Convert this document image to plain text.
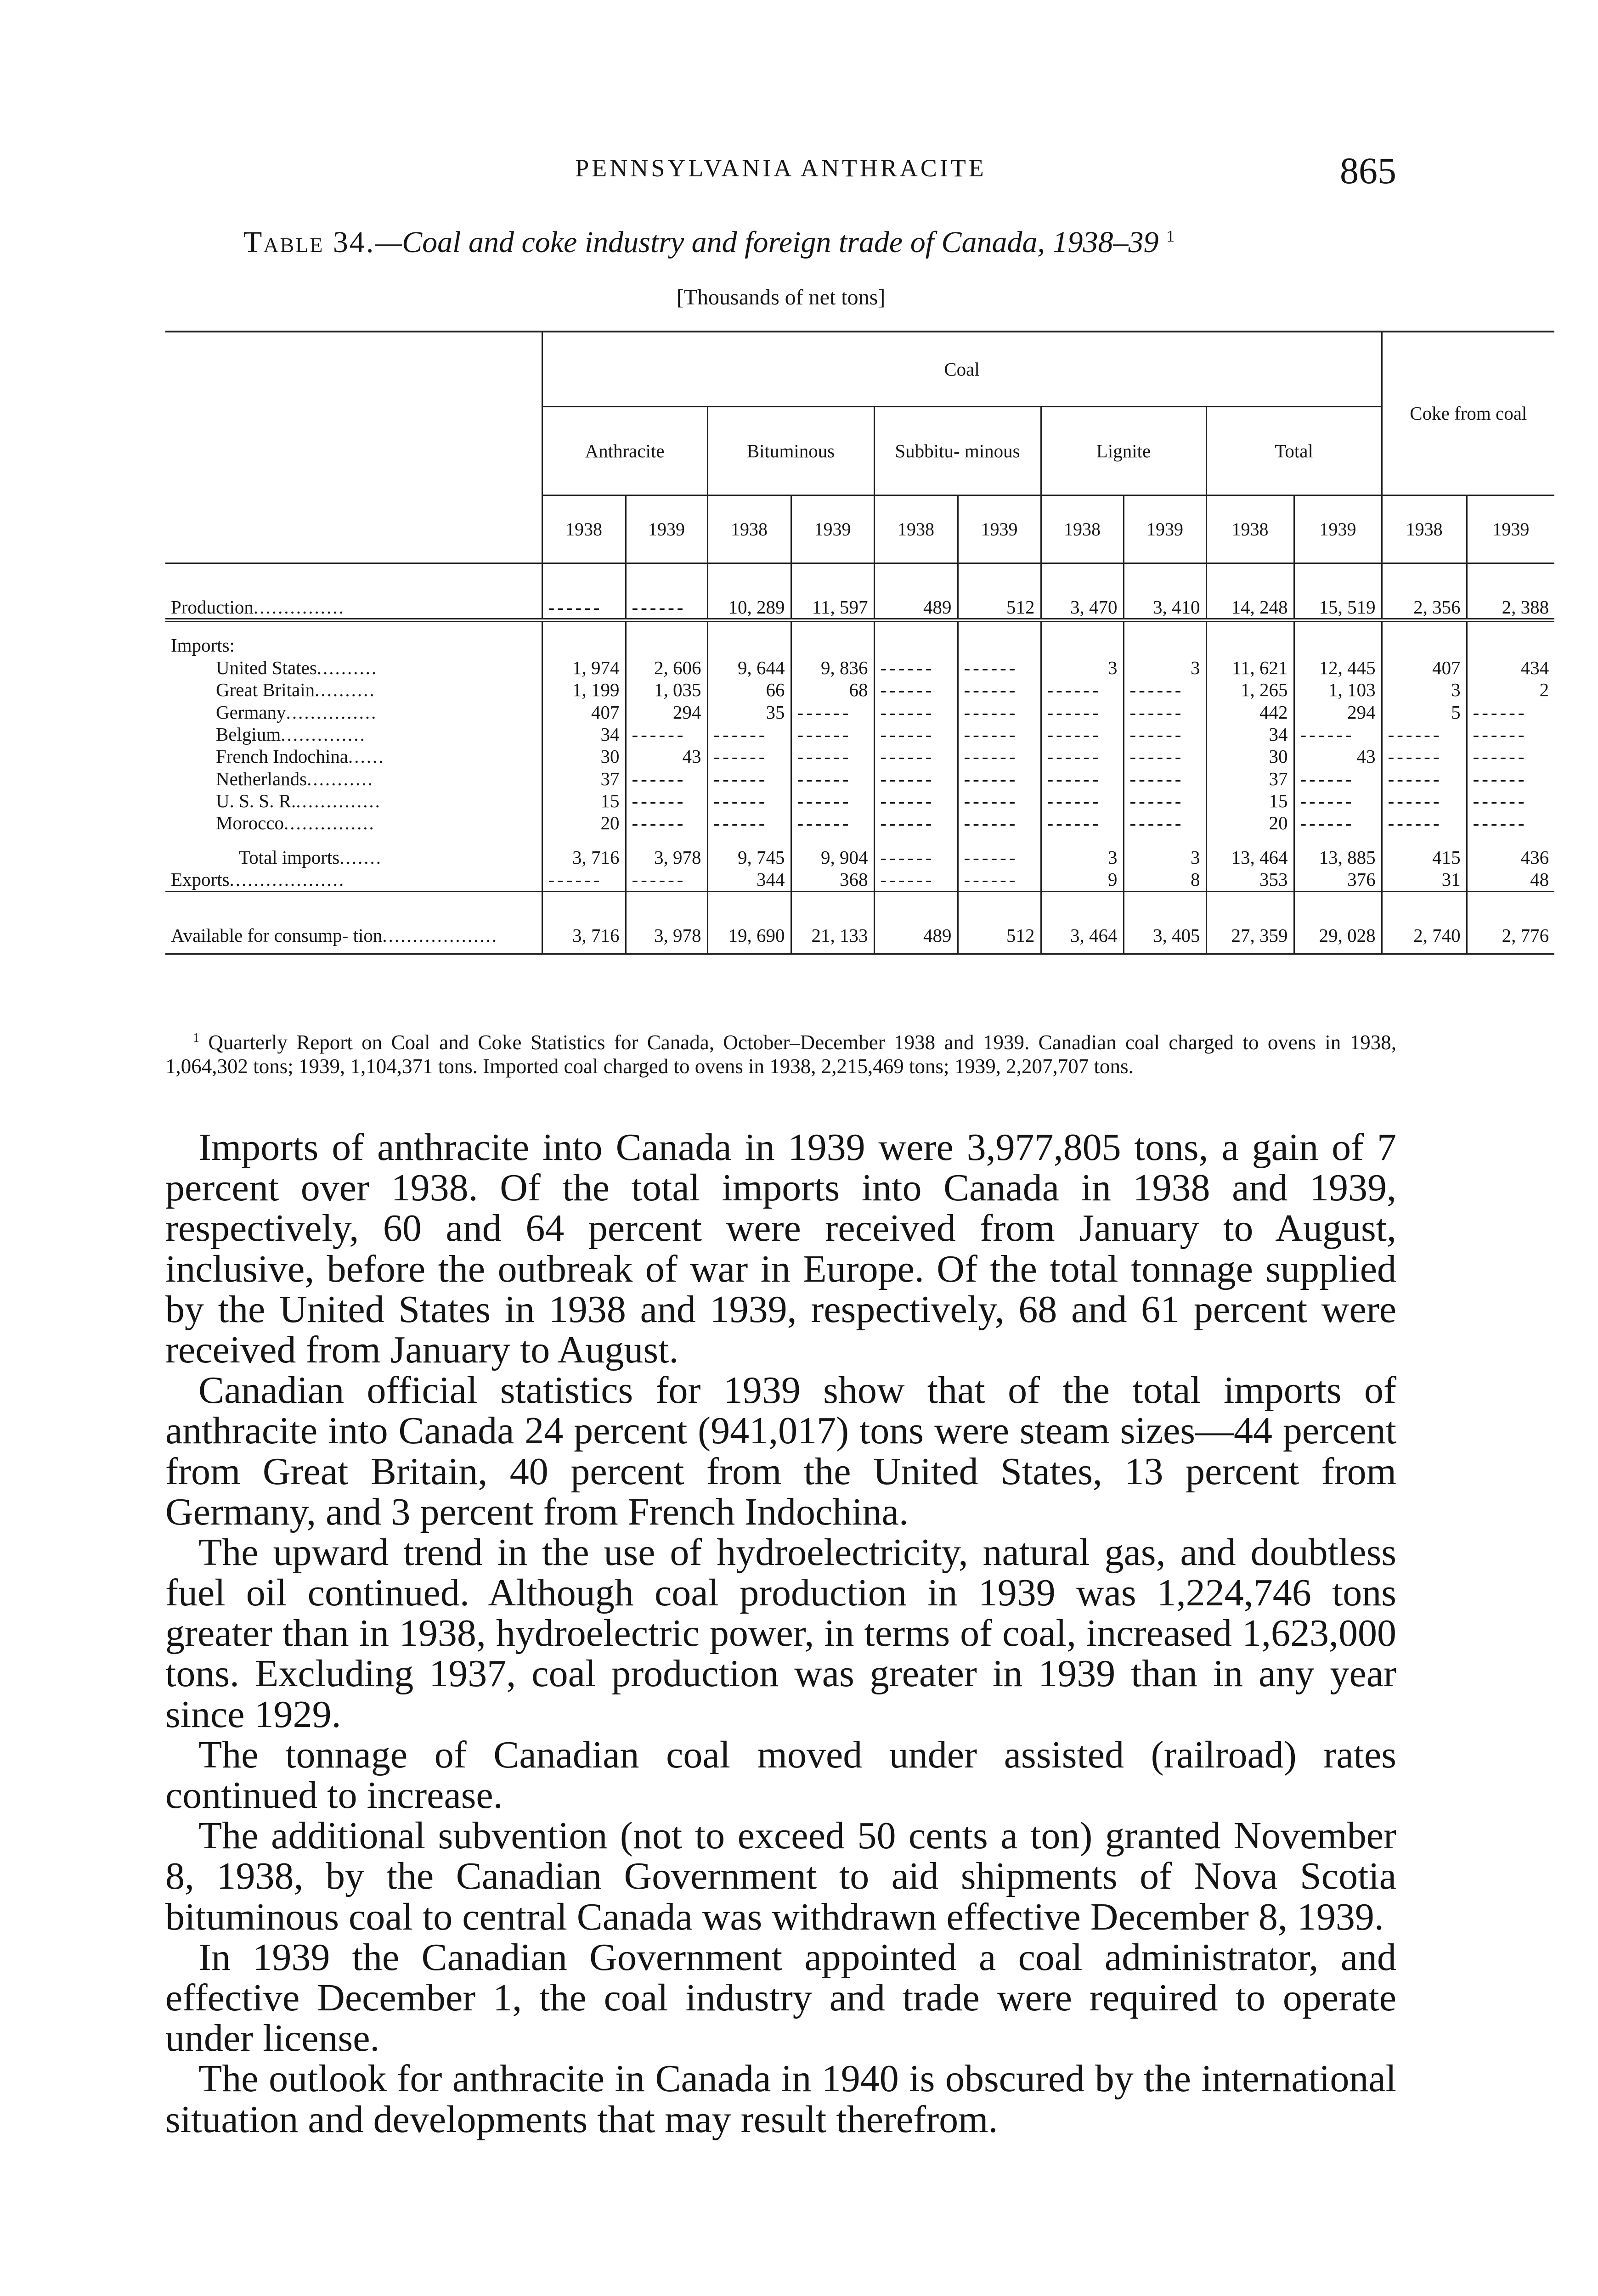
PENNSYLVANIA ANTHRACITE	865
Table 34.—Coal and coke industry and foreign trade of Canada, 1938–39 $^1$
[Thousands of net tons]
	Coal										Coke from coal	
	Anthracite		Bituminous		Subbitu- minous		Lignite		Total			
	1938	1939	1938	1939	1938	1939	1938	1939	1938	1939	1938	1939
Production...............	------	------	10, 289	11, 597	489	512	3, 470	3, 410	14, 248	15, 519	2, 356	2, 388

Imports:												
United States..........	1, 974	2, 606	9, 644	9, 836	------	------	3	3	11, 621	12, 445	407	434
Great Britain..........	1, 199	1, 035	66	68	------	------	------	------	1, 265	1, 103	3	2
Germany...............	407	294	35	------	------	------	------	------	442	294	5	------
Belgium..............	34	------	------	------	------	------	------	------	34	------	------	------
French Indochina......	30	43	------	------	------	------	------	------	30	43	------	------
Netherlands...........	37	------	------	------	------	------	------	------	37	------	------	------
U. S. S. R...............	15	------	------	------	------	------	------	------	15	------	------	------
Morocco...............	20	------	------	------	------	------	------	------	20	------	------	------

Total imports.......	3, 716	3, 978	9, 745	9, 904	------	------	3	3	13, 464	13, 885	415	436
Exports...................	------	------	344	368	------	------	9	8	353	376	31	48
Available for consump- tion...................	3, 716	3, 978	19, 690	21, 133	489	512	3, 464	3, 405	27, 359	29, 028	2, 740	2, 776
$^1$ Quarterly Report on Coal and Coke Statistics for Canada, October–December 1938 and 1939. Canadian coal charged to ovens in 1938, 1,064,302 tons; 1939, 1,104,371 tons. Imported coal charged to ovens in 1938, 2,215,469 tons; 1939, 2,207,707 tons.

Imports of anthracite into Canada in 1939 were 3,977,805 tons, a gain of 7 percent over 1938. Of the total imports into Canada in 1938 and 1939, respectively, 60 and 64 percent were received from January to August, inclusive, before the outbreak of war in Europe. Of the total tonnage supplied by the United States in 1938 and 1939, respectively, 68 and 61 percent were received from January to August.

Canadian official statistics for 1939 show that of the total imports of anthracite into Canada 24 percent (941,017) tons were steam sizes—44 percent from Great Britain, 40 percent from the United States, 13 percent from Germany, and 3 percent from French Indochina.

The upward trend in the use of hydroelectricity, natural gas, and doubtless fuel oil continued. Although coal production in 1939 was 1,224,746 tons greater than in 1938, hydroelectric power, in terms of coal, increased 1,623,000 tons. Excluding 1937, coal production was greater in 1939 than in any year since 1929.

The tonnage of Canadian coal moved under assisted (railroad) rates continued to increase.

The additional subvention (not to exceed 50 cents a ton) granted November 8, 1938, by the Canadian Government to aid shipments of Nova Scotia bituminous coal to central Canada was withdrawn effective December 8, 1939.

In 1939 the Canadian Government appointed a coal administrator, and effective December 1, the coal industry and trade were required to operate under license.

The outlook for anthracite in Canada in 1940 is obscured by the international situation and developments that may result therefrom.
